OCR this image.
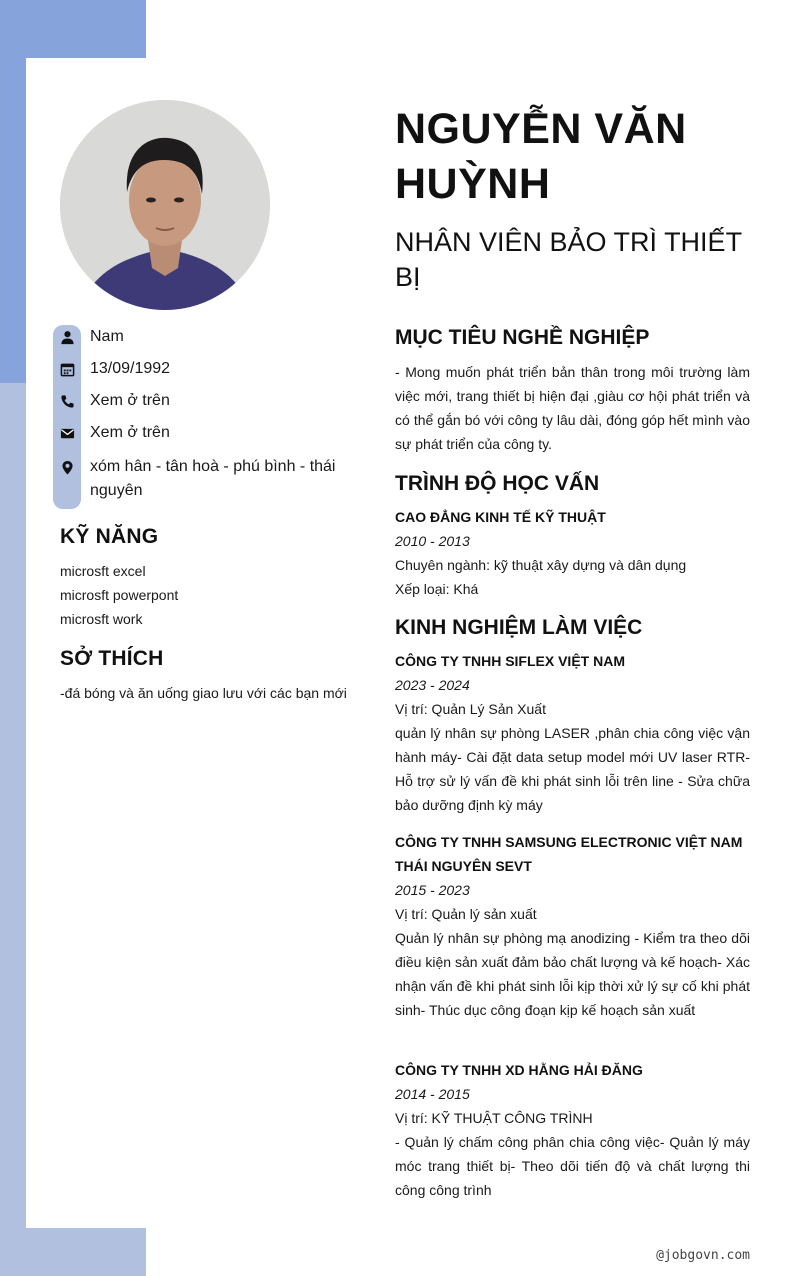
Nam
13/09/1992
Xem ở trên
Xem ở trên
xóm hân - tân hoà - phú bình - thái nguyên
KỸ NĂNG
microsft excel
microsft powerpont
microsft work
SỞ THÍCH
-đá bóng và ăn uống giao lưu với các bạn mới
NGUYỄN VĂN HUỲNH
NHÂN VIÊN BẢO TRÌ THIẾT BỊ
MỤC TIÊU NGHỀ NGHIỆP
- Mong muốn phát triển bản thân trong môi trường làm việc mới, trang thiết bị hiện đại ,giàu cơ hội phát triển và có thể gắn bó với công ty lâu dài, đóng góp hết mình vào sự phát triển của công ty.
TRÌNH ĐỘ HỌC VẤN
CAO ĐẲNG KINH TẾ KỸ THUẬT
2010 - 2013
Chuyên ngành: kỹ thuật xây dựng và dân dụng
Xếp loại: Khá
KINH NGHIỆM LÀM VIỆC
CÔNG TY TNHH SIFLEX VIỆT NAM
2023 - 2024
Vị trí: Quản Lý Sản Xuất
quản lý nhân sự phòng LASER ,phân chia công việc vận hành máy- Cài đặt data setup model mới UV laser RTR- Hỗ trợ sử lý vấn đề khi phát sinh lỗi trên line - Sửa chữa bảo dưỡng định kỳ máy
CÔNG TY TNHH SAMSUNG ELECTRONIC VIỆT NAM THÁI NGUYÊN SEVT
2015 - 2023
Vị trí: Quản lý sản xuất
Quản lý nhân sự phòng mạ anodizing - Kiểm tra theo dõi điều kiện sản xuất đảm bảo chất lượng và kế hoạch- Xác nhận vấn đề khi phát sinh lỗi kịp thời xử lý sự cố khi phát sinh- Thúc dục công đoạn kịp kế hoạch sản xuất
CÔNG TY TNHH XD HẰNG HẢI ĐĂNG
2014 - 2015
Vị trí: KỸ THUẬT CÔNG TRÌNH
- Quản lý chấm công phân chia công việc- Quản lý máy móc trang thiết bị- Theo dõi tiến độ và chất lượng thi công công trình
@jobgovn.com
